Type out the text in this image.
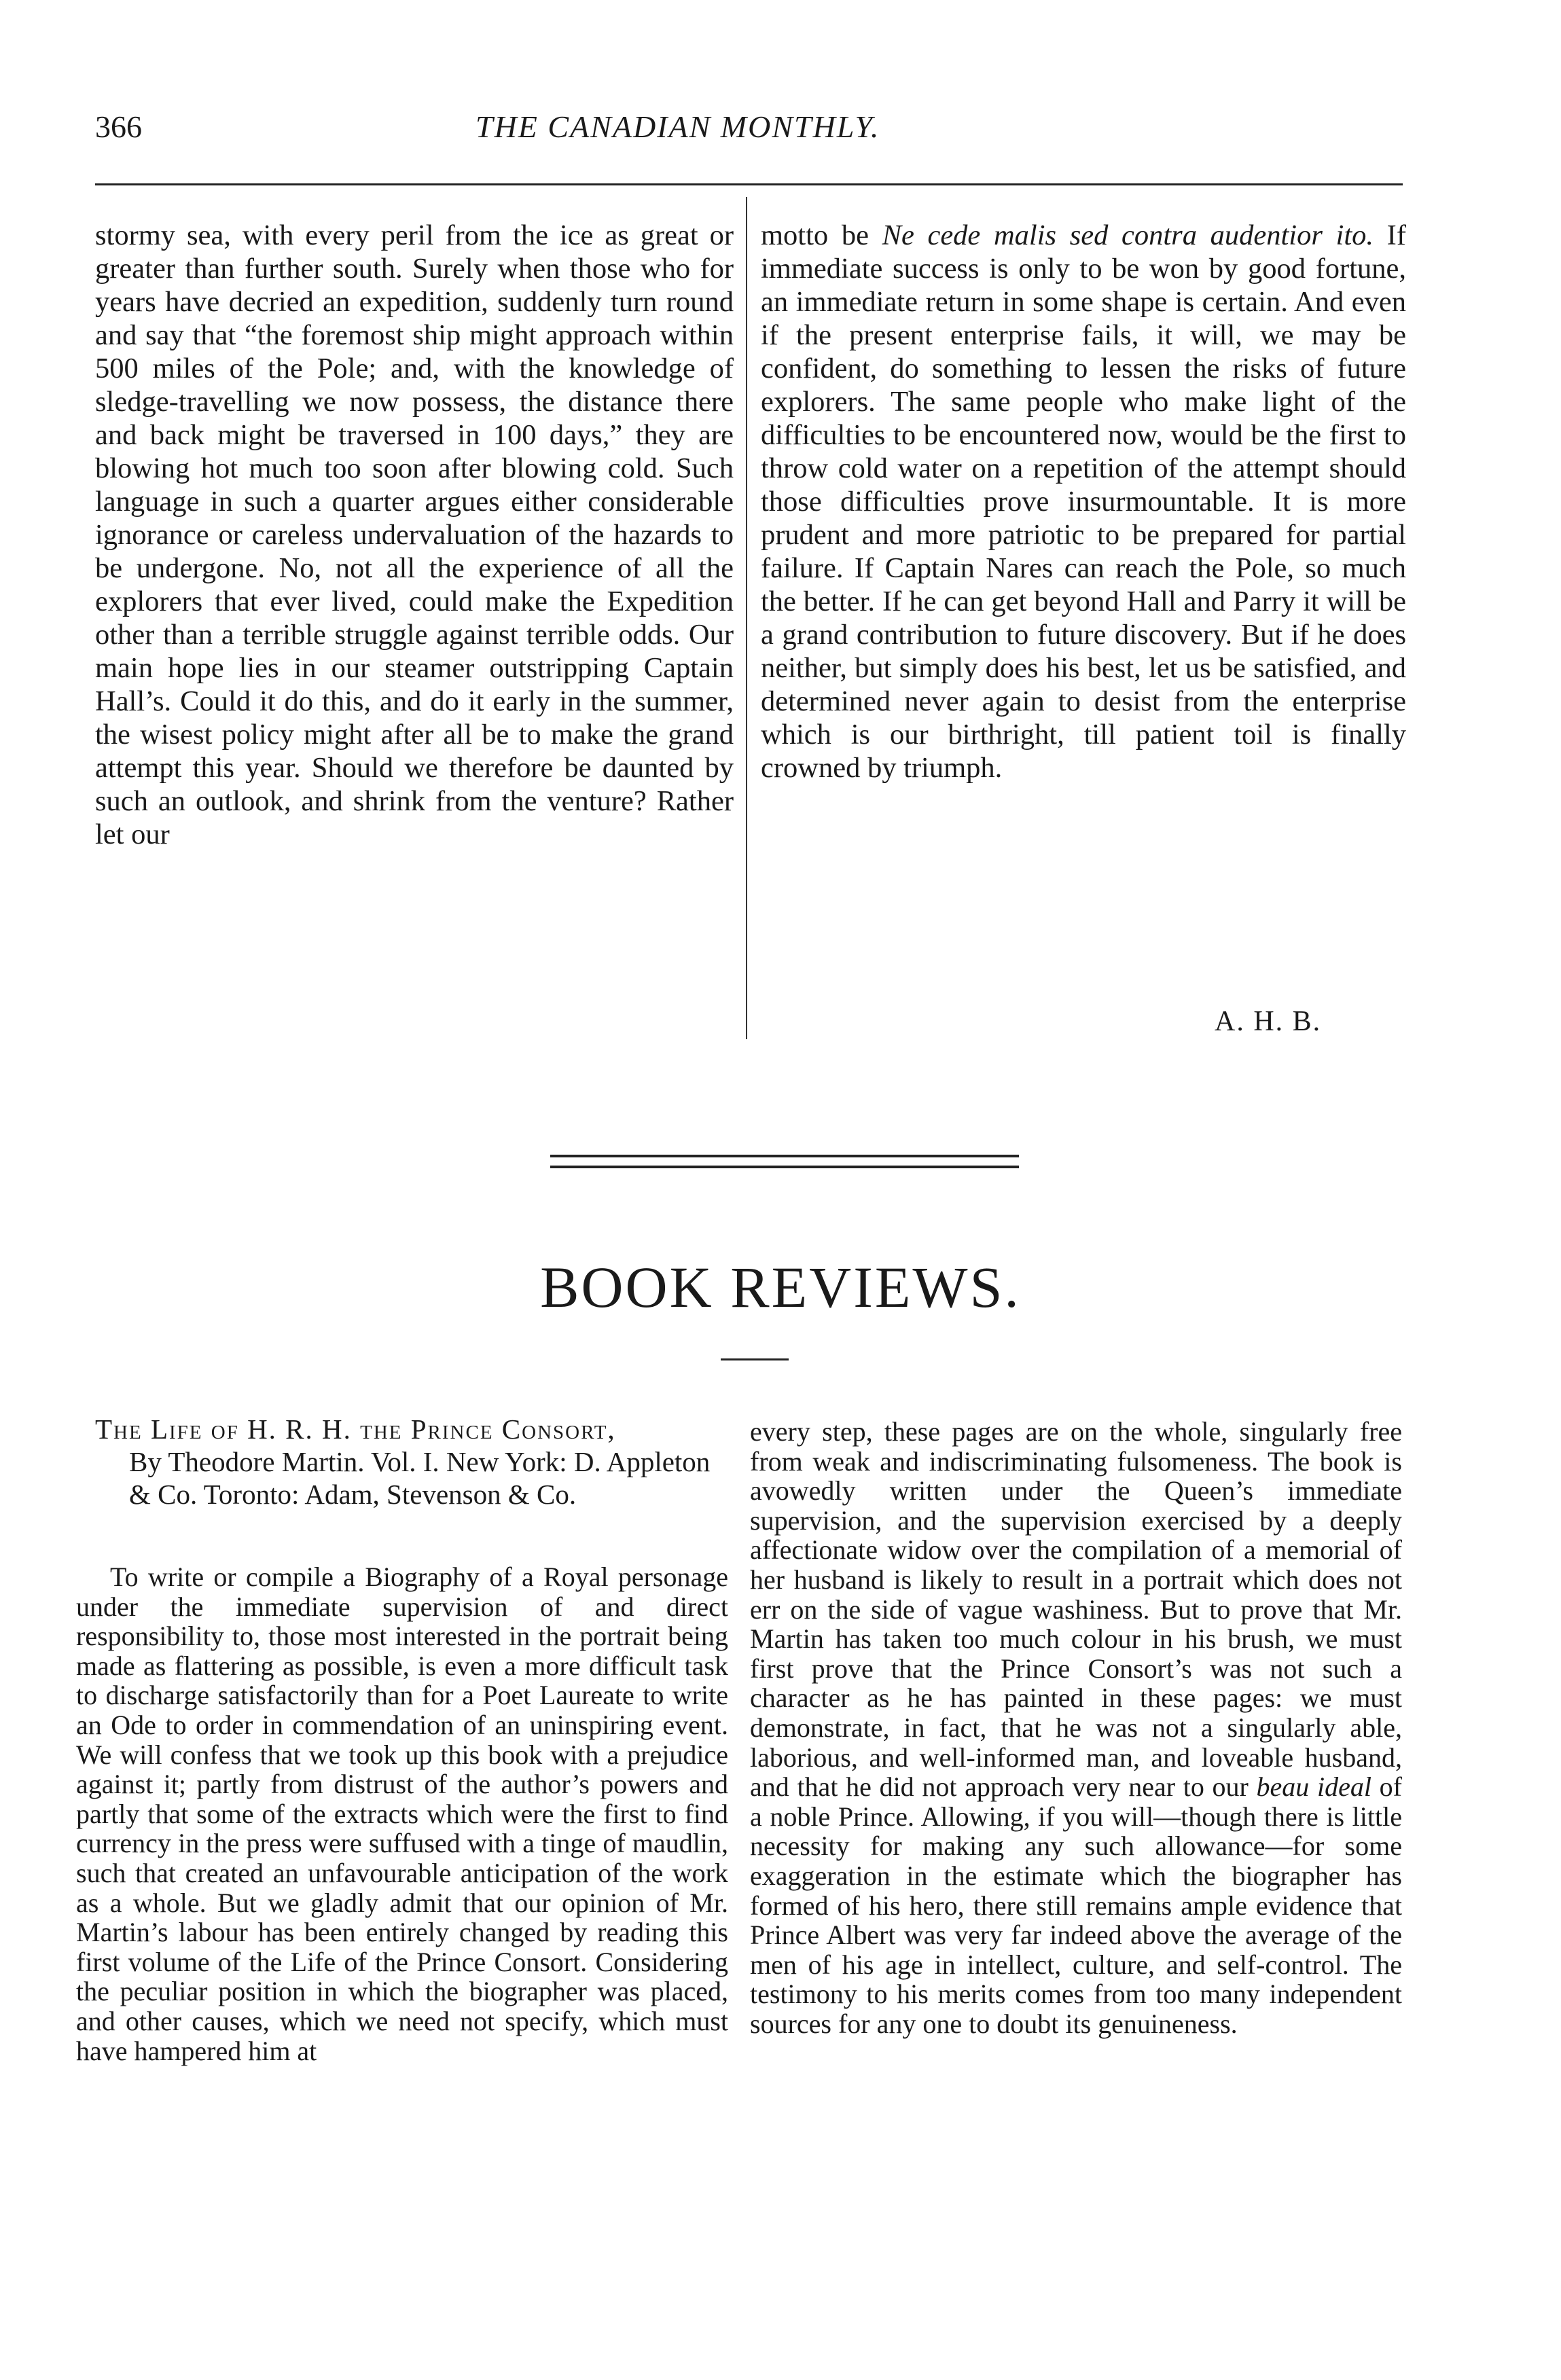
366	THE CANADIAN MONTHLY.

stormy sea, with every peril from the ice as great or greater than further south. Surely when those who for years have decried an expedition, suddenly turn round and say that “the foremost ship might approach within 500 miles of the Pole; and, with the knowledge of sledge-travelling we now possess, the distance there and back might be traversed in 100 days,” they are blowing hot much too soon after blowing cold. Such language in such a quarter argues either considerable ignorance or careless undervaluation of the hazards to be undergone. No, not all the experience of all the explorers that ever lived, could make the Expedition other than a terrible struggle against terrible odds. Our main hope lies in our steamer outstripping Captain Hall’s. Could it do this, and do it early in the summer, the wisest policy might after all be to make the grand attempt this year. Should we therefore be daunted by such an outlook, and shrink from the venture? Rather let our

motto be Ne cede malis sed contra audentior ito. If immediate success is only to be won by good fortune, an immediate return in some shape is certain. And even if the present enterprise fails, it will, we may be confident, do something to lessen the risks of future explorers. The same people who make light of the difficulties to be encountered now, would be the first to throw cold water on a repetition of the attempt should those difficulties prove insurmountable. It is more prudent and more patriotic to be prepared for partial failure. If Captain Nares can reach the Pole, so much the better. If he can get beyond Hall and Parry it will be a grand contribution to future discovery. But if he does neither, but simply does his best, let us be satisfied, and determined never again to desist from the enterprise which is our birthright, till patient toil is finally crowned by triumph.

A. H. B.
BOOK REVIEWS.
The Life of H. R. H. the Prince Consort,
By Theodore Martin. Vol. I. New York: D. Appleton & Co. Toronto: Adam, Stevenson & Co.

To write or compile a Biography of a Royal personage under the immediate supervision of and direct responsibility to, those most interested in the portrait being made as flattering as possible, is even a more difficult task to discharge satisfactorily than for a Poet Laureate to write an Ode to order in commendation of an uninspiring event. We will confess that we took up this book with a prejudice against it; partly from distrust of the author’s powers and partly that some of the extracts which were the first to find currency in the press were suffused with a tinge of maudlin, such that created an unfavourable anticipation of the work as a whole. But we gladly admit that our opinion of Mr. Martin’s labour has been entirely changed by reading this first volume of the Life of the Prince Consort. Considering the peculiar position in which the biographer was placed, and other causes, which we need not specify, which must have hampered him at

every step, these pages are on the whole, singularly free from weak and indiscriminating fulsomeness. The book is avowedly written under the Queen’s immediate supervision, and the supervision exercised by a deeply affectionate widow over the compilation of a memorial of her husband is likely to result in a portrait which does not err on the side of vague washiness. But to prove that Mr. Martin has taken too much colour in his brush, we must first prove that the Prince Consort’s was not such a character as he has painted in these pages: we must demonstrate, in fact, that he was not a singularly able, laborious, and well-informed man, and loveable husband, and that he did not approach very near to our beau ideal of a noble Prince. Allowing, if you will—though there is little necessity for making any such allowance—for some exaggeration in the estimate which the biographer has formed of his hero, there still remains ample evidence that Prince Albert was very far indeed above the average of the men of his age in intellect, culture, and self-control. The testimony to his merits comes from too many independent sources for any one to doubt its genuineness.
